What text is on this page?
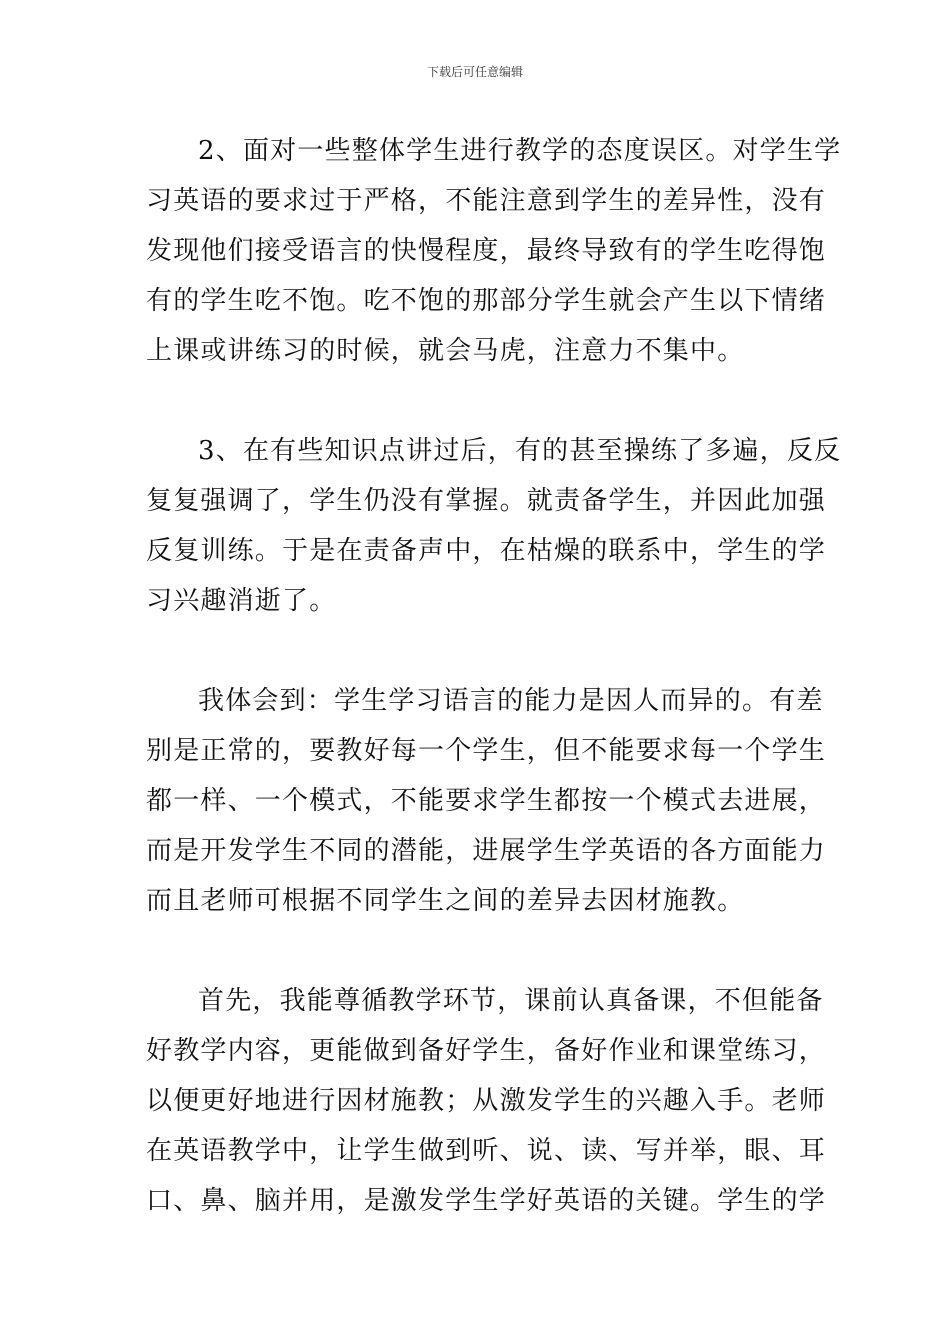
下载后可任意编辑
2、面对一些整体学生进行教学的态度误区。对学生学
习英语的要求过于严格，不能注意到学生的差异性，没有
发现他们接受语言的快慢程度，最终导致有的学生吃得饱
有的学生吃不饱。吃不饱的那部分学生就会产生以下情绪
上课或讲练习的时候，就会马虎，注意力不集中。
3、在有些知识点讲过后，有的甚至操练了多遍，反反
复复强调了，学生仍没有掌握。就责备学生，并因此加强
反复训练。于是在责备声中，在枯燥的联系中，学生的学
习兴趣消逝了。
我体会到：学生学习语言的能力是因人而异的。有差
别是正常的，要教好每一个学生，但不能要求每一个学生
都一样、一个模式，不能要求学生都按一个模式去进展，
而是开发学生不同的潜能，进展学生学英语的各方面能力
而且老师可根据不同学生之间的差异去因材施教。
首先，我能尊循教学环节，课前认真备课，不但能备
好教学内容，更能做到备好学生，备好作业和课堂练习，
以便更好地进行因材施教；从激发学生的兴趣入手。老师
在英语教学中，让学生做到听、说、读、写并举，眼、耳
口、鼻、脑并用，是激发学生学好英语的关键。学生的学
